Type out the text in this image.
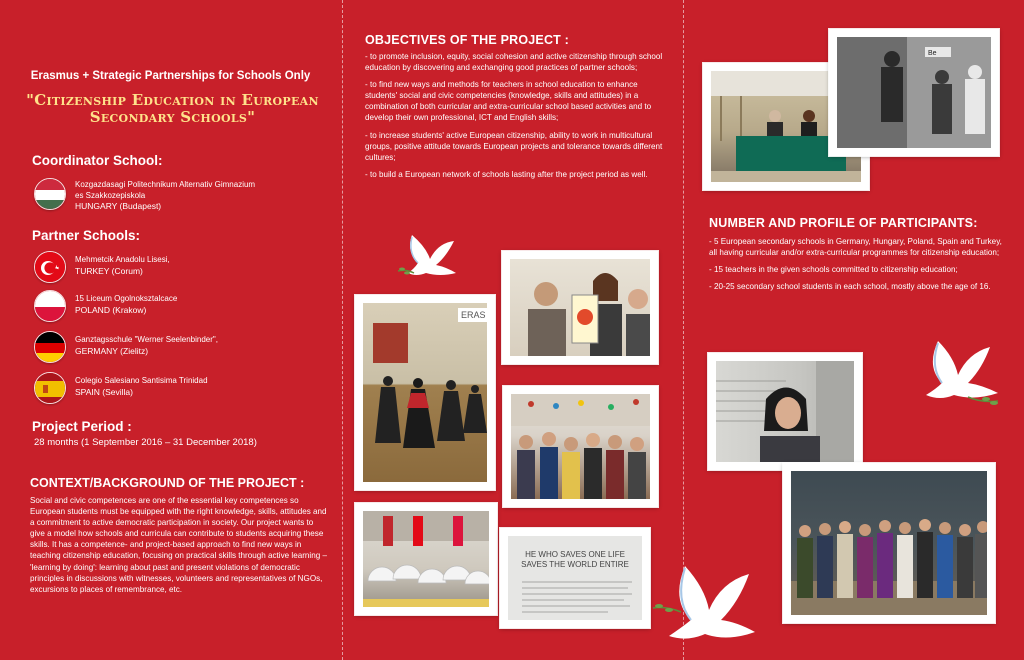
Erasmus + Strategic Partnerships for Schools Only
"Citizenship Education in European
Secondary Schools"
Coordinator School:
Kozgazdasagi Politechnikum Alternativ Gimnazium
es Szakkozepiskola
HUNGARY (Budapest)
Partner Schools:
Mehmetcik Anadolu Lisesi,
TURKEY (Corum)
15 Liceum Ogolnoksztalcace
POLAND (Krakow)
Ganztagsschule "Werner Seelenbinder",
GERMANY (Zielitz)
Colegio Salesiano Santisima Trinidad
SPAIN (Sevilla)
Project Period :
28 months (1 September 2016 – 31 December 2018)
CONTEXT/BACKGROUND OF THE PROJECT :
Social and civic competences are one of the essential key competences so European students must be equipped with the right knowledge, skills, attitudes and a commitment to active democratic participation in society. Our project wants to give a model how schools and curricula can contribute to students acquiring these skills. It has a competence- and project-based approach to find new ways in teaching citizenship education, focusing on practical skills through active learning – 'learning by doing': learning about past and present violations of democratic principles in discussions with witnesses, volunteers and representatives of NGOs, excursions to places of remembrance, etc.
OBJECTIVES OF THE PROJECT :
- to promote inclusion, equity, social cohesion and active citizenship through school education by discovering and exchanging good practices of partner schools;
- to find new ways and methods for teachers in school education to enhance students' social and civic competencies (knowledge, skills and attitudes) in a combination of both curricular and extra-curricular school based activities and to develop their own professional, ICT and English skills;
- to increase students' active European citizenship, ability to work in multicultural groups, positive attitude towards European projects and tolerance towards different cultures;
- to build a European network of schools lasting after the project period as well.
NUMBER AND PROFILE OF PARTICIPANTS:
- 5 European secondary schools in Germany, Hungary, Poland, Spain and Turkey, all having curricular and/or extra-curricular programmes for citizenship education;
- 15 teachers in the given schools committed to citizenship education;
- 20-25 secondary school students in each school, mostly above the age of 16.
ERAS
HE WHO SAVES ONE LIFE
SAVES THE WORLD ENTIRE
Be
